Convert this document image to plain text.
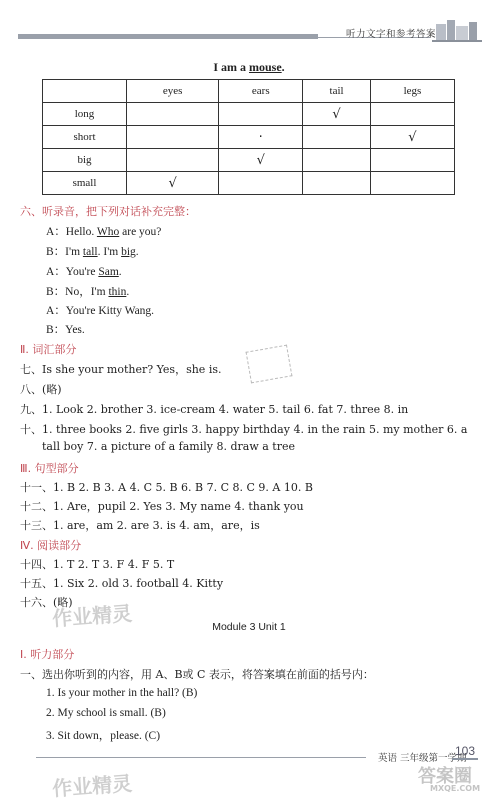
听力文字和参考答案
I am a mouse.
	eyes	ears	tail	legs
long			√	
short		·		√
big		√		
small	√			
六、听录音，把下列对话补充完整：
A：Hello. Who are you?
B：I'm tall. I'm big.
A：You're Sam.
B：No，I'm thin.
A：You're Kitty Wang.
B：Yes.
Ⅱ. 词汇部分
七、Is she your mother? Yes，she is.
八、(略)
九、1. Look 2. brother 3. ice-cream 4. water 5. tail 6. fat 7. three 8. in
十、1. three books 2. five girls 3. happy birthday 4. in the rain 5. my mother 6. a
tall boy 7. a picture of a family 8. draw a tree
Ⅲ. 句型部分
十一、1. B 2. B 3. A 4. C 5. B 6. B 7. C 8. C 9. A 10. B
十二、1. Are，pupil 2. Yes 3. My name 4. thank you
十三、1. are，am 2. are 3. is 4. am，are，is
Ⅳ. 阅读部分
十四、1. T 2. T 3. F 4. F 5. T
十五、1. Six 2. old 3. football 4. Kitty
十六、(略)
作业精灵	Module 3 Unit 1
Ⅰ. 听力部分
一、选出你听到的内容，用 A、B或 C 表示，将答案填在前面的括号内：
1. Is your mother in the hall? (B)
2. My school is small. (B)
3. Sit down，please. (C)
英语 三年级第一学期
103
作业精灵	答案圈
MXQE.COM
